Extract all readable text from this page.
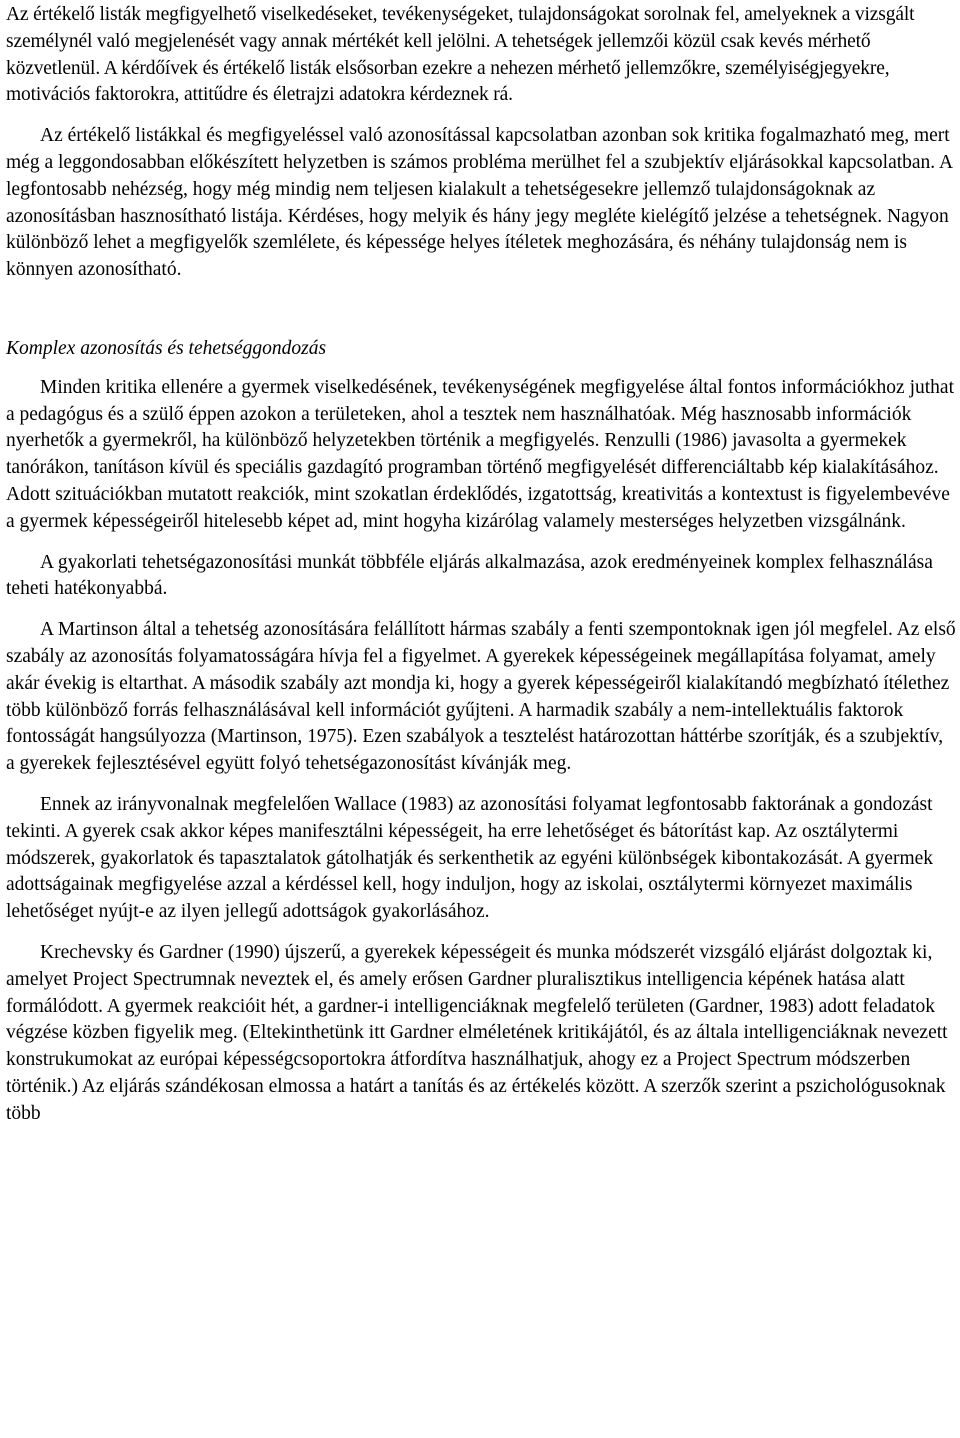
Az értékelő listák megfigyelhető viselkedéseket, tevékenységeket, tulajdonságokat sorolnak fel, amelyeknek a vizsgált személynél való megjelenését vagy annak mértékét kell jelölni. A tehetségek jellemzői közül csak kevés mérhető közvetlenül. A kérdőívek és értékelő listák elsősorban ezekre a nehezen mérhető jellemzőkre, személyiségjegyekre, motivációs faktorokra, attitűdre és életrajzi adatokra kérdeznek rá.

Az értékelő listákkal és megfigyeléssel való azonosítással kapcsolatban azonban sok kritika fogalmazható meg, mert még a leggondosabban előkészített helyzetben is számos probléma merülhet fel a szubjektív eljárásokkal kapcsolatban. A legfontosabb nehézség, hogy még mindig nem teljesen kialakult a tehetségesekre jellemző tulajdonságoknak az azonosításban hasznosítható listája. Kérdéses, hogy melyik és hány jegy megléte kielégítő jelzése a tehetségnek. Nagyon különböző lehet a megfigyelők szemlélete, és képessége helyes ítéletek meghozására, és néhány tulajdonság nem is könnyen azonosítható.

Komplex azonosítás és tehetséggondozás

Minden kritika ellenére a gyermek viselkedésének, tevékenységének megfigyelése által fontos információkhoz juthat a pedagógus és a szülő éppen azokon a területeken, ahol a tesztek nem használhatóak. Még hasznosabb információk nyerhetők a gyermekről, ha különböző helyzetekben történik a megfigyelés. Renzulli (1986) javasolta a gyermekek tanórákon, tanításon kívül és speciális gazdagító programban történő megfigyelését differenciáltabb kép kialakításához. Adott szituációkban mutatott reakciók, mint szokatlan érdeklődés, izgatottság, kreativitás a kontextust is figyelembevéve a gyermek képességeiről hitelesebb képet ad, mint hogyha kizárólag valamely mesterséges helyzetben vizsgálnánk.

A gyakorlati tehetségazonosítási munkát többféle eljárás alkalmazása, azok eredményeinek komplex felhasználása teheti hatékonyabbá.

A Martinson által a tehetség azonosítására felállított hármas szabály a fenti szempontoknak igen jól megfelel. Az első szabály az azonosítás folyamatosságára hívja fel a figyelmet. A gyerekek képességeinek megállapítása folyamat, amely akár évekig is eltarthat. A második szabály azt mondja ki, hogy a gyerek képességeiről kialakítandó megbízható ítélethez több különböző forrás felhasználásával kell információt gyűjteni. A harmadik szabály a nem-intellektuális faktorok fontosságát hangsúlyozza (Martinson, 1975). Ezen szabályok a tesztelést határozottan háttérbe szorítják, és a szubjektív, a gyerekek fejlesztésével együtt folyó tehetségazonosítást kívánják meg.

Ennek az irányvonalnak megfelelően Wallace (1983) az azonosítási folyamat legfontosabb faktorának a gondozást tekinti. A gyerek csak akkor képes manifesztálni képességeit, ha erre lehetőséget és bátorítást kap. Az osztálytermi módszerek, gyakorlatok és tapasztalatok gátolhatják és serkenthetik az egyéni különbségek kibontakozását. A gyermek adottságainak megfigyelése azzal a kérdéssel kell, hogy induljon, hogy az iskolai, osztálytermi környezet maximális lehetőséget nyújt-e az ilyen jellegű adottságok gyakorlásához.

Krechevsky és Gardner (1990) újszerű, a gyerekek képességeit és munka módszerét vizsgáló eljárást dolgoztak ki, amelyet Project Spectrumnak neveztek el, és amely erősen Gardner pluralisztikus intelligencia képének hatása alatt formálódott. A gyermek reakcióit hét, a gardner-i intelligenciáknak megfelelő területen (Gardner, 1983) adott feladatok végzése közben figyelik meg. (Eltekinthetünk itt Gardner elméletének kritikájától, és az általa intelligenciáknak nevezett konstrukumokat az európai képességcsoportokra átfordítva használhatjuk, ahogy ez a Project Spectrum módszerben történik.) Az eljárás szándékosan elmossa a határt a tanítás és az értékelés között. A szerzők szerint a pszichológusoknak több
